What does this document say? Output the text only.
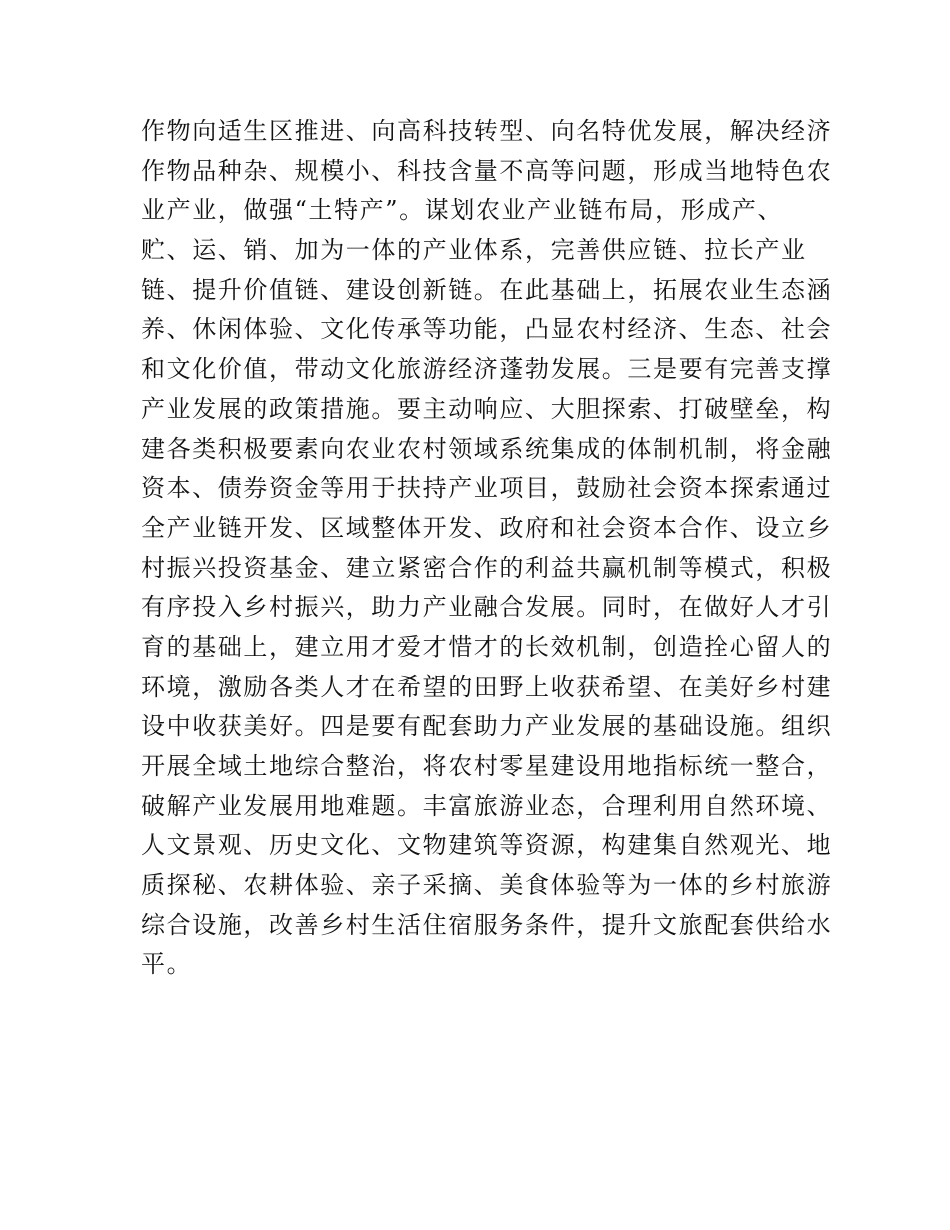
作物向适生区推进、向高科技转型、向名特优发展，解决经济
作物品种杂、规模小、科技含量不高等问题，形成当地特色农
业产业，做强“土特产”。谋划农业产业链布局，形成产、
贮、运、销、加为一体的产业体系，完善供应链、拉长产业
链、提升价值链、建设创新链。在此基础上，拓展农业生态涵
养、休闲体验、文化传承等功能，凸显农村经济、生态、社会
和文化价值，带动文化旅游经济蓬勃发展。三是要有完善支撑
产业发展的政策措施。要主动响应、大胆探索、打破壁垒，构
建各类积极要素向农业农村领域系统集成的体制机制，将金融
资本、债券资金等用于扶持产业项目，鼓励社会资本探索通过
全产业链开发、区域整体开发、政府和社会资本合作、设立乡
村振兴投资基金、建立紧密合作的利益共赢机制等模式，积极
有序投入乡村振兴，助力产业融合发展。同时，在做好人才引
育的基础上，建立用才爱才惜才的长效机制，创造拴心留人的
环境，激励各类人才在希望的田野上收获希望、在美好乡村建
设中收获美好。四是要有配套助力产业发展的基础设施。组织
开展全域土地综合整治，将农村零星建设用地指标统一整合，
破解产业发展用地难题。丰富旅游业态，合理利用自然环境、
人文景观、历史文化、文物建筑等资源，构建集自然观光、地
质探秘、农耕体验、亲子采摘、美食体验等为一体的乡村旅游
综合设施，改善乡村生活住宿服务条件，提升文旅配套供给水
平。
